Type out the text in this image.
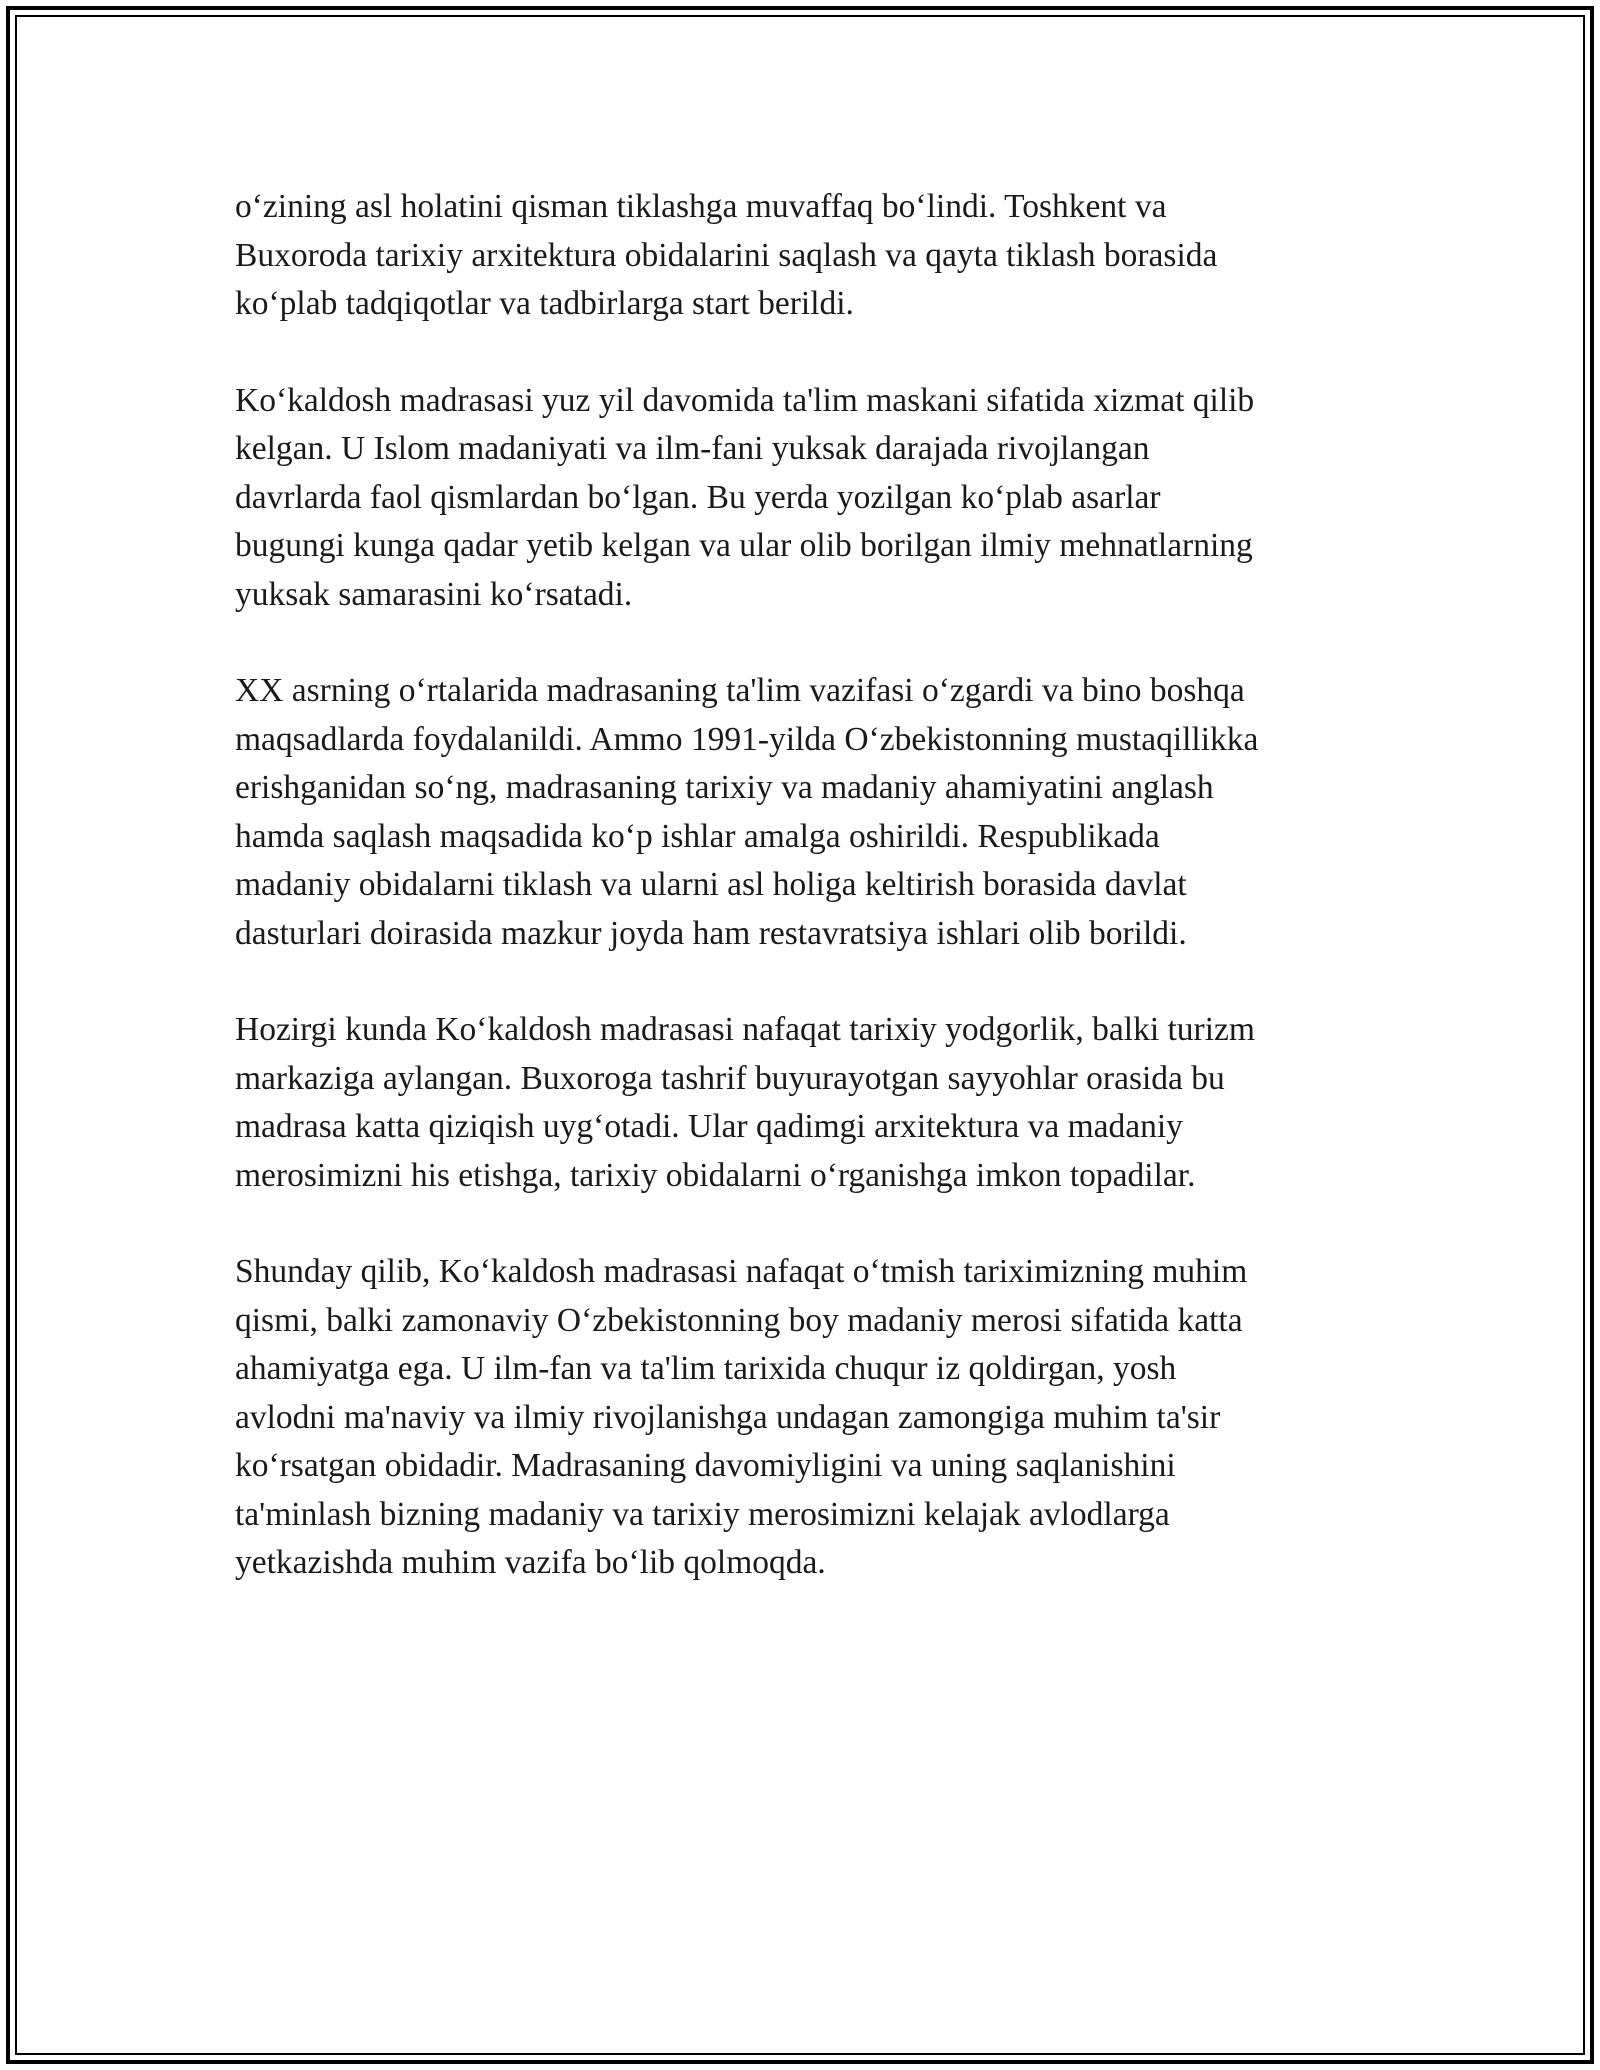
o‘zining asl holatini qisman tiklashga muvaffaq bo‘lindi. Toshkent va
Buxoroda tarixiy arxitektura obidalarini saqlash va qayta tiklash borasida
ko‘plab tadqiqotlar va tadbirlarga start berildi.

Ko‘kaldosh madrasasi yuz yil davomida ta'lim maskani sifatida xizmat qilib
kelgan. U Islom madaniyati va ilm-fani yuksak darajada rivojlangan
davrlarda faol qismlardan bo‘lgan. Bu yerda yozilgan ko‘plab asarlar
bugungi kunga qadar yetib kelgan va ular olib borilgan ilmiy mehnatlarning
yuksak samarasini ko‘rsatadi.

XX asrning o‘rtalarida madrasaning ta'lim vazifasi o‘zgardi va bino boshqa
maqsadlarda foydalanildi. Ammo 1991-yilda O‘zbekistonning mustaqillikka
erishganidan so‘ng, madrasaning tarixiy va madaniy ahamiyatini anglash
hamda saqlash maqsadida ko‘p ishlar amalga oshirildi. Respublikada
madaniy obidalarni tiklash va ularni asl holiga keltirish borasida davlat
dasturlari doirasida mazkur joyda ham restavratsiya ishlari olib borildi.

Hozirgi kunda Ko‘kaldosh madrasasi nafaqat tarixiy yodgorlik, balki turizm
markaziga aylangan. Buxoroga tashrif buyurayotgan sayyohlar orasida bu
madrasa katta qiziqish uyg‘otadi. Ular qadimgi arxitektura va madaniy
merosimizni his etishga, tarixiy obidalarni o‘rganishga imkon topadilar.

Shunday qilib, Ko‘kaldosh madrasasi nafaqat o‘tmish tariximizning muhim
qismi, balki zamonaviy O‘zbekistonning boy madaniy merosi sifatida katta
ahamiyatga ega. U ilm-fan va ta'lim tarixida chuqur iz qoldirgan, yosh
avlodni ma'naviy va ilmiy rivojlanishga undagan zamongiga muhim ta'sir
ko‘rsatgan obidadir. Madrasaning davomiyligini va uning saqlanishini
ta'minlash bizning madaniy va tarixiy merosimizni kelajak avlodlarga
yetkazishda muhim vazifa bo‘lib qolmoqda.
